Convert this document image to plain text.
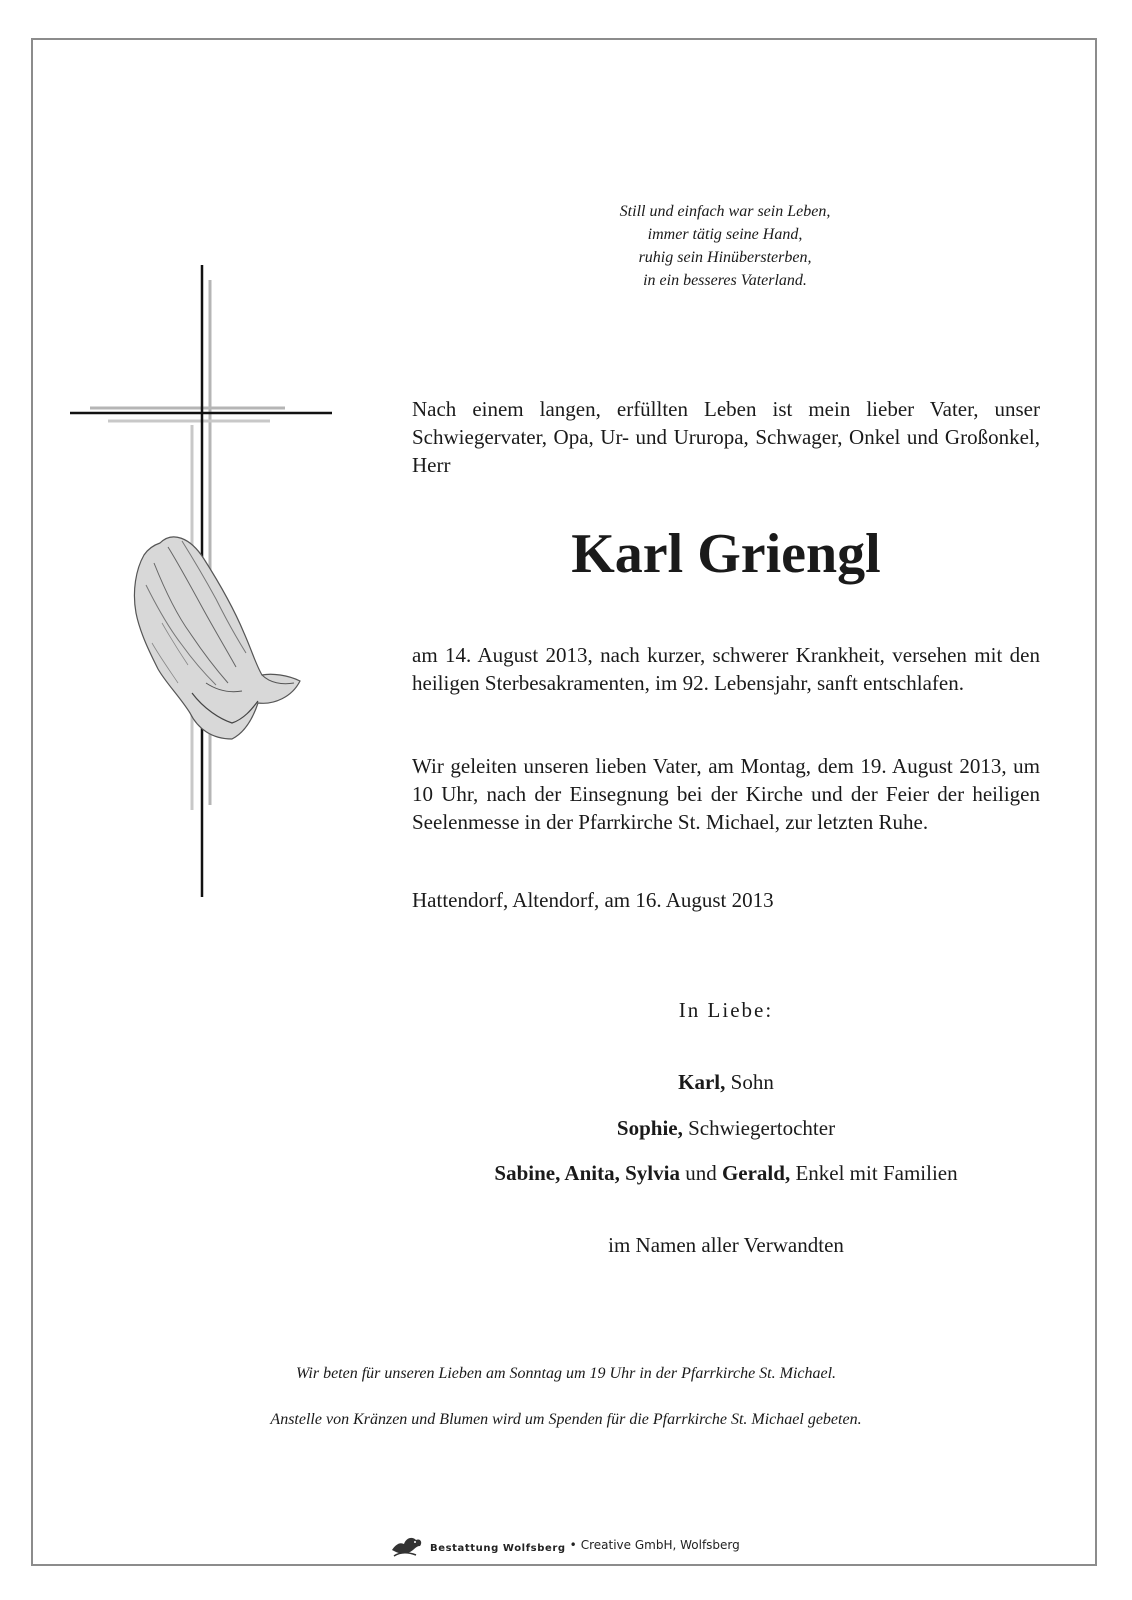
Still und einfach war sein Leben,
immer tätig seine Hand,
ruhig sein Hinübersterben,
in ein besseres Vaterland.
Nach einem langen, erfüllten Leben ist mein lieber Vater, unser Schwiegervater, Opa, Ur- und Ururopa, Schwager, Onkel und Großonkel, Herr
Karl Griengl
am 14. August 2013, nach kurzer, schwerer Krankheit, versehen mit den heiligen Sterbesakramenten, im 92. Lebensjahr, sanft entschlafen.
Wir geleiten unseren lieben Vater, am Montag, dem 19. August 2013, um 10 Uhr, nach der Einsegnung bei der Kirche und der Feier der heiligen Seelenmesse in der Pfarrkirche St. Michael, zur letzten Ruhe.
Hattendorf, Altendorf, am 16. August 2013
In Liebe:
Karl, Sohn
Sophie, Schwiegertochter
Sabine, Anita, Sylvia und Gerald, Enkel mit Familien
im Namen aller Verwandten
Wir beten für unseren Lieben am Sonntag um 19 Uhr in der Pfarrkirche St. Michael.
Anstelle von Kränzen und Blumen wird um Spenden für die Pfarrkirche St. Michael gebeten.
Bestattung Wolfsberg • Creative GmbH, Wolfsberg
